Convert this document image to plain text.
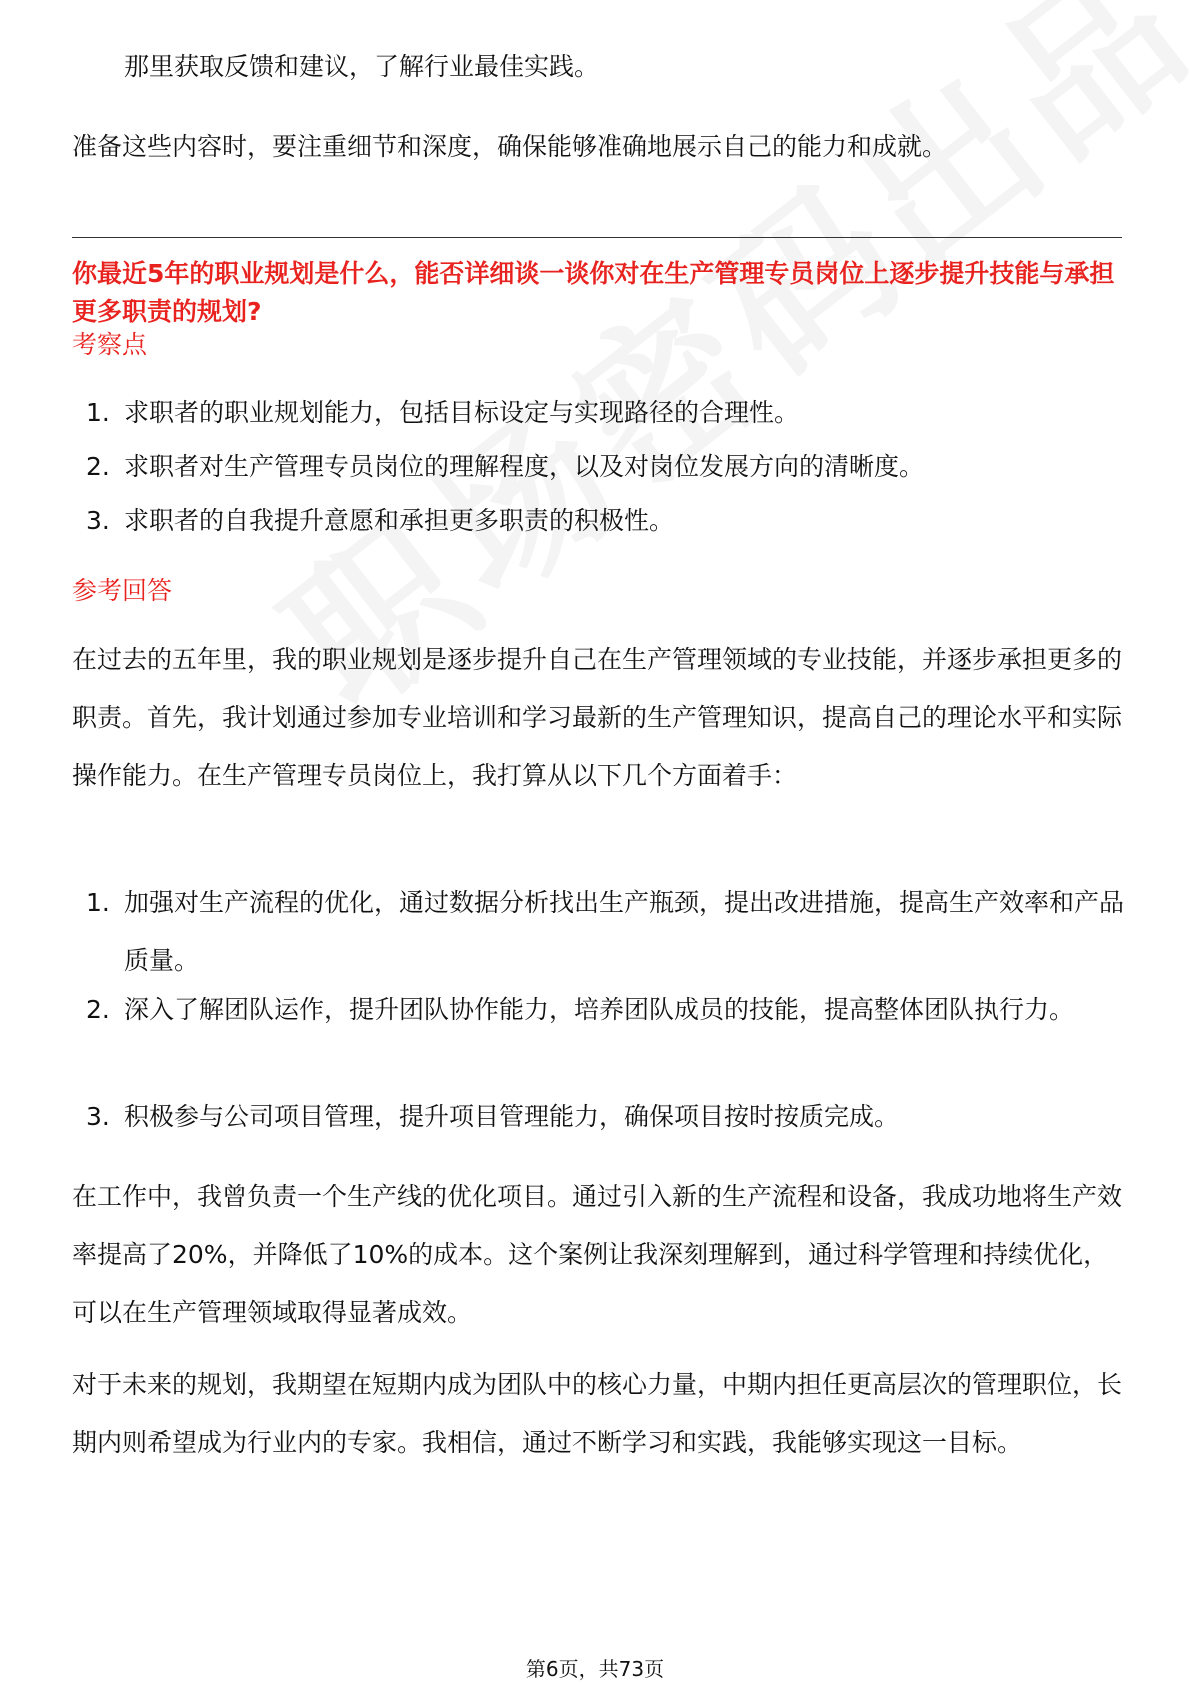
那里获取反馈和建议，了解行业最佳实践。

准备这些内容时，要注重细节和深度，确保能够准确地展示自己的能力和成就。

你最近5年的职业规划是什么，能否详细谈一谈你对在生产管理专员岗位上逐步提升技能与承担更多职责的规划?

考察点

1. 求职者的职业规划能力，包括目标设定与实现路径的合理性。
2. 求职者对生产管理专员岗位的理解程度，以及对岗位发展方向的清晰度。
3. 求职者的自我提升意愿和承担更多职责的积极性。

参考回答

在过去的五年里，我的职业规划是逐步提升自己在生产管理领域的专业技能，并逐步承担更多的职责。首先，我计划通过参加专业培训和学习最新的生产管理知识，提高自己的理论水平和实际操作能力。在生产管理专员岗位上，我打算从以下几个方面着手：

1. 加强对生产流程的优化，通过数据分析找出生产瓶颈，提出改进措施，提高生产效率和产品质量。
2. 深入了解团队运作，提升团队协作能力，培养团队成员的技能，提高整体团队执行力。
3. 积极参与公司项目管理，提升项目管理能力，确保项目按时按质完成。

在工作中，我曾负责一个生产线的优化项目。通过引入新的生产流程和设备，我成功地将生产效率提高了20%，并降低了10%的成本。这个案例让我深刻理解到，通过科学管理和持续优化，可以在生产管理领域取得显著成效。

对于未来的规划，我期望在短期内成为团队中的核心力量，中期内担任更高层次的管理职位，长期内则希望成为行业内的专家。我相信，通过不断学习和实践，我能够实现这一目标。

第6页，共73页
